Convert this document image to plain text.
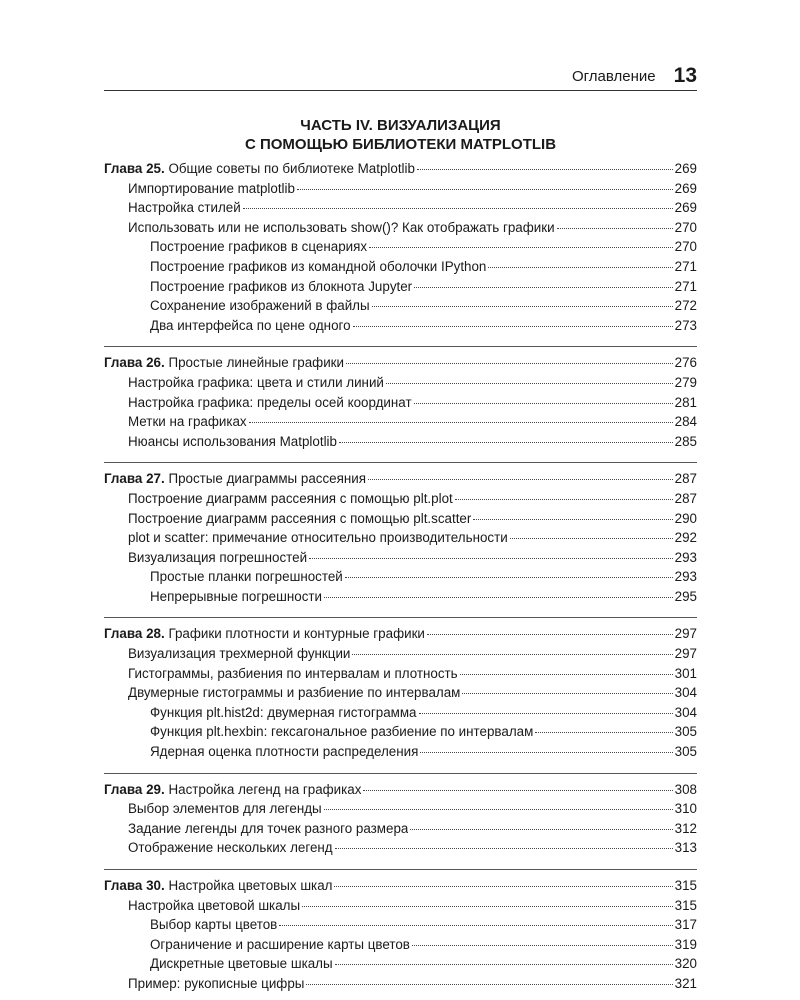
Оглавление 13
ЧАСТЬ IV. ВИЗУАЛИЗАЦИЯ
С ПОМОЩЬЮ БИБЛИОТЕКИ MATPLOTLIB
Глава 25. Общие советы по библиотеке Matplotlib	269
Импортирование matplotlib	269
Настройка стилей	269
Использовать или не использовать show()? Как отображать графики	270
Построение графиков в сценариях	270
Построение графиков из командной оболочки IPython	271
Построение графиков из блокнота Jupyter	271
Сохранение изображений в файлы	272
Два интерфейса по цене одного	273
Глава 26. Простые линейные графики	276
Настройка графика: цвета и стили линий	279
Настройка графика: пределы осей координат	281
Метки на графиках	284
Нюансы использования Matplotlib	285
Глава 27. Простые диаграммы рассеяния	287
Построение диаграмм рассеяния с помощью plt.plot	287
Построение диаграмм рассеяния с помощью plt.scatter	290
plot и scatter: примечание относительно производительности	292
Визуализация погрешностей	293
Простые планки погрешностей	293
Непрерывные погрешности	295
Глава 28. Графики плотности и контурные графики	297
Визуализация трехмерной функции	297
Гистограммы, разбиения по интервалам и плотность	301
Двумерные гистограммы и разбиение по интервалам	304
Функция plt.hist2d: двумерная гистограмма	304
Функция plt.hexbin: гексагональное разбиение по интервалам	305
Ядерная оценка плотности распределения	305
Глава 29. Настройка легенд на графиках	308
Выбор элементов для легенды	310
Задание легенды для точек разного размера	312
Отображение нескольких легенд	313
Глава 30. Настройка цветовых шкал	315
Настройка цветовой шкалы	315
Выбор карты цветов	317
Ограничение и расширение карты цветов	319
Дискретные цветовые шкалы	320
Пример: рукописные цифры	321
